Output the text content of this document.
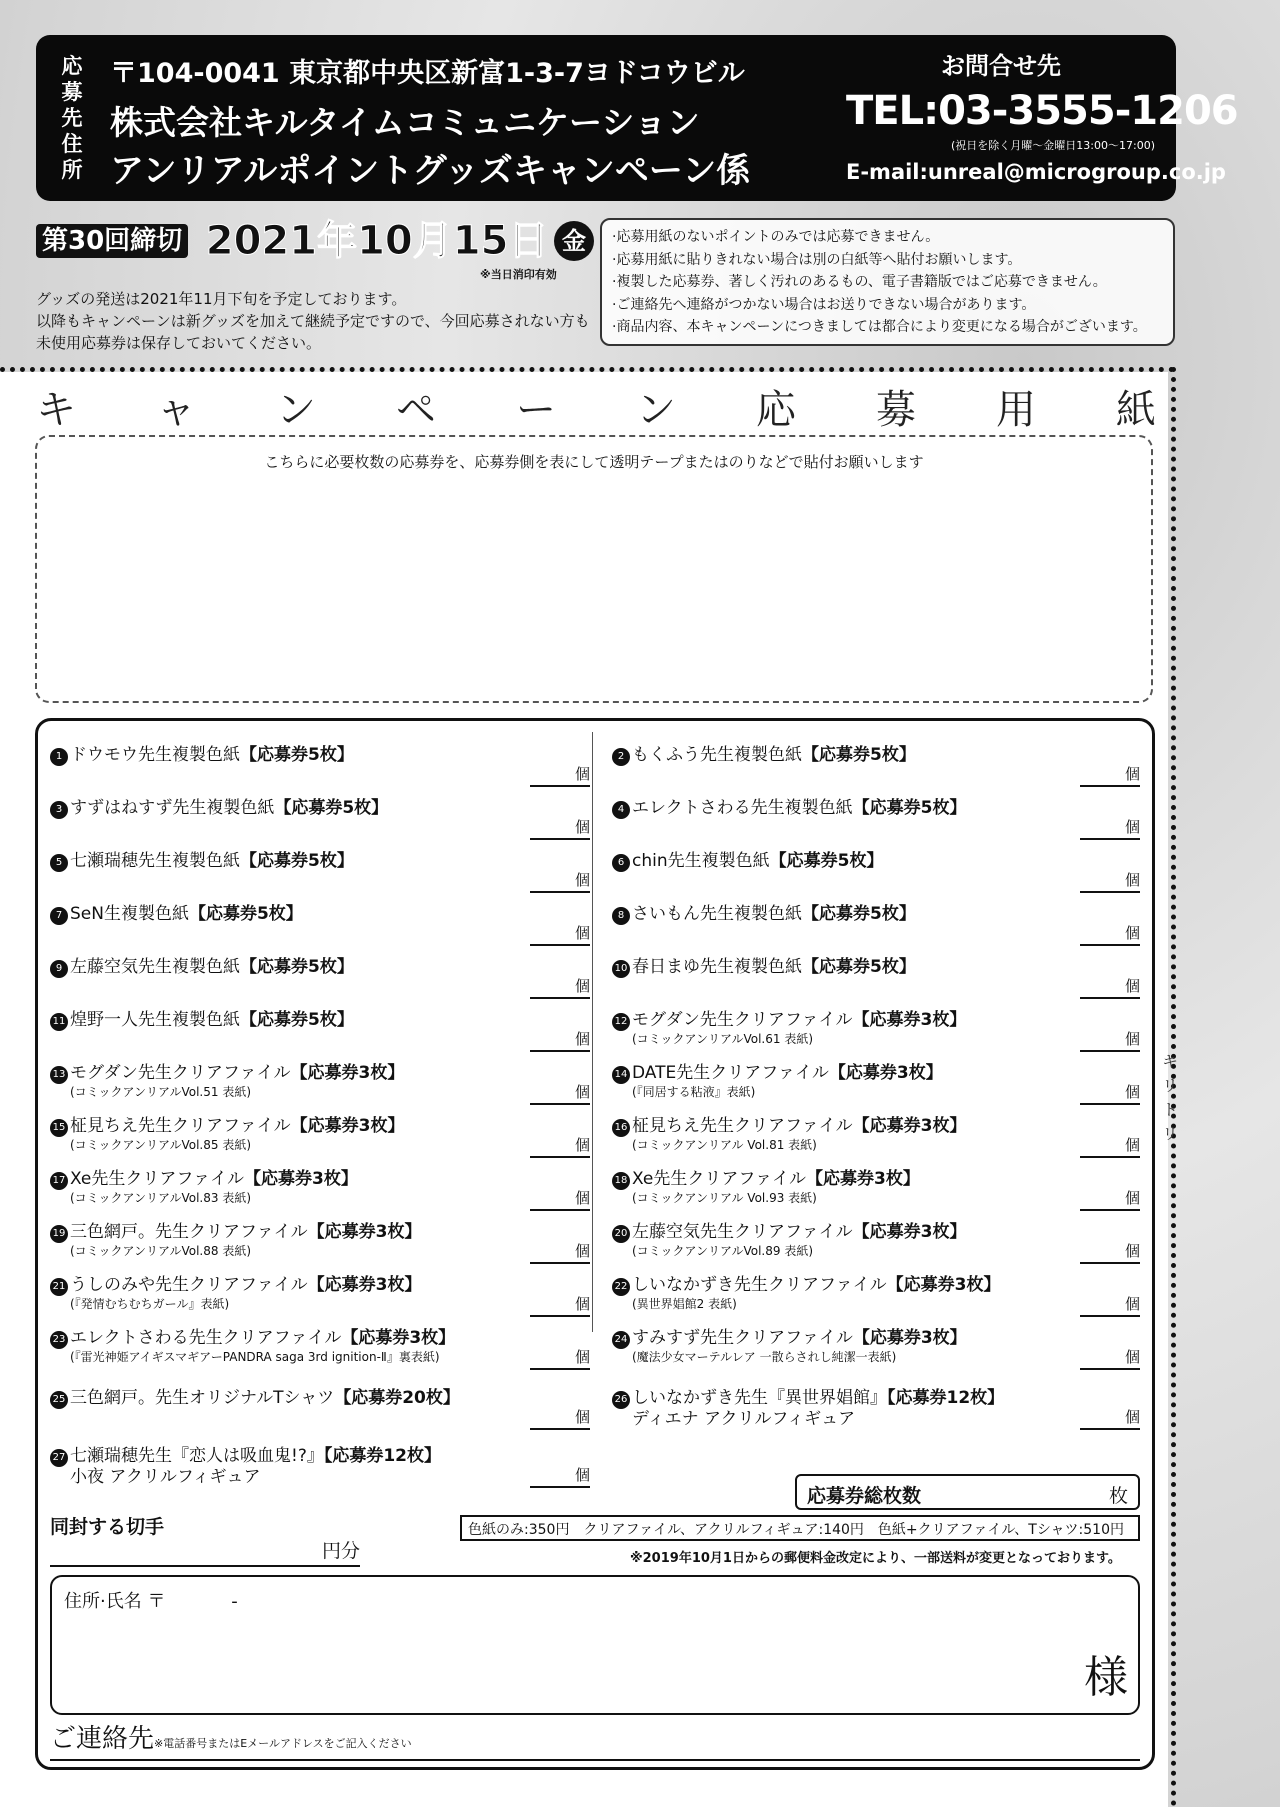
応募先住所
〒104-0041 東京都中央区新富1-3-7ヨドコウビル
株式会社キルタイムコミュニケーション
アンリアルポイントグッズキャンペーン係
お問合せ先
TEL:03-3555-1206
(祝日を除く月曜〜金曜日13:00〜17:00)
E-mail:unreal@microgroup.co.jp
第30回締切 2021年10月15日 金
※当日消印有効
グッズの発送は2021年11月下旬を予定しております。
以降もキャンペーンは新グッズを加えて継続予定ですので、今回応募されない方も未使用応募券は保存しておいてください。
·応募用紙のないポイントのみでは応募できません。
·応募用紙に貼りきれない場合は別の白紙等へ貼付お願いします。
·複製した応募券、著しく汚れのあるもの、電子書籍版ではご応募できません。
·ご連絡先へ連絡がつかない場合はお送りできない場合があります。
·商品内容、本キャンペーンにつきましては都合により変更になる場合がございます。
キ
リ
ト
リ
キ ャ ン ペ ー ン 応 募 用 紙
こちらに必要枚数の応募券を、応募券側を表にして透明テープまたはのりなどで貼付お願いします
1 ドウモウ先生複製色紙【応募券5枚】
個
2 もくふう先生複製色紙【応募券5枚】
個
3 すずはねすず先生複製色紙【応募券5枚】
個
4 エレクトさわる先生複製色紙【応募券5枚】
個
5 七瀬瑞穂先生複製色紙【応募券5枚】
個
6 chin先生複製色紙【応募券5枚】
個
7 SeN生複製色紙【応募券5枚】
個
8 さいもん先生複製色紙【応募券5枚】
個
9 左藤空気先生複製色紙【応募券5枚】
個
10 春日まゆ先生複製色紙【応募券5枚】
個
11 煌野一人先生複製色紙【応募券5枚】
個
12 モグダン先生クリアファイル【応募券3枚】
(コミックアンリアルVol.61 表紙)	個
13 モグダン先生クリアファイル【応募券3枚】
(コミックアンリアルVol.51 表紙)	個
14 DATE先生クリアファイル【応募券3枚】
(『同居する粘液』表紙)	個
15 柾見ちえ先生クリアファイル【応募券3枚】
(コミックアンリアルVol.85 表紙)	個
16 柾見ちえ先生クリアファイル【応募券3枚】
(コミックアンリアル Vol.81 表紙)	個
17 Xe先生クリアファイル【応募券3枚】
(コミックアンリアルVol.83 表紙)	個
18 Xe先生クリアファイル【応募券3枚】
(コミックアンリアル Vol.93 表紙)	個
19 三色網戸。先生クリアファイル【応募券3枚】
(コミックアンリアルVol.88 表紙)	個
20 左藤空気先生クリアファイル【応募券3枚】
(コミックアンリアルVol.89 表紙)	個
21 うしのみや先生クリアファイル【応募券3枚】
(『発情むちむちガール』表紙)	個
22 しいなかずき先生クリアファイル【応募券3枚】
(異世界娼館2 表紙)	個
23 エレクトさわる先生クリアファイル【応募券3枚】
(『雷光神姫アイギスマギアーPANDRA saga 3rd ignition-Ⅱ』裏表紙)	個
24 すみすず先生クリアファイル【応募券3枚】
(魔法少女マーテルレア 一散らされし純潔一表紙)	個
25 三色網戸。先生オリジナルTシャツ【応募券20枚】
個
26 しいなかずき先生『異世界娼館』【応募券12枚】
ディエナ アクリルフィギュア	個
27 七瀬瑞穂先生『恋人は吸血鬼!?』【応募券12枚】
小夜 アクリルフィギュア	個
応募券総枚数	枚
同封する切手
円分
色紙のみ:350円　クリアファイル、アクリルフィギュア:140円　色紙+クリアファイル、Tシャツ:510円
※2019年10月1日からの郵便料金改定により、一部送料が変更となっております。
住所·氏名 〒	-
様
ご連絡先※電話番号またはEメールアドレスをご記入ください
